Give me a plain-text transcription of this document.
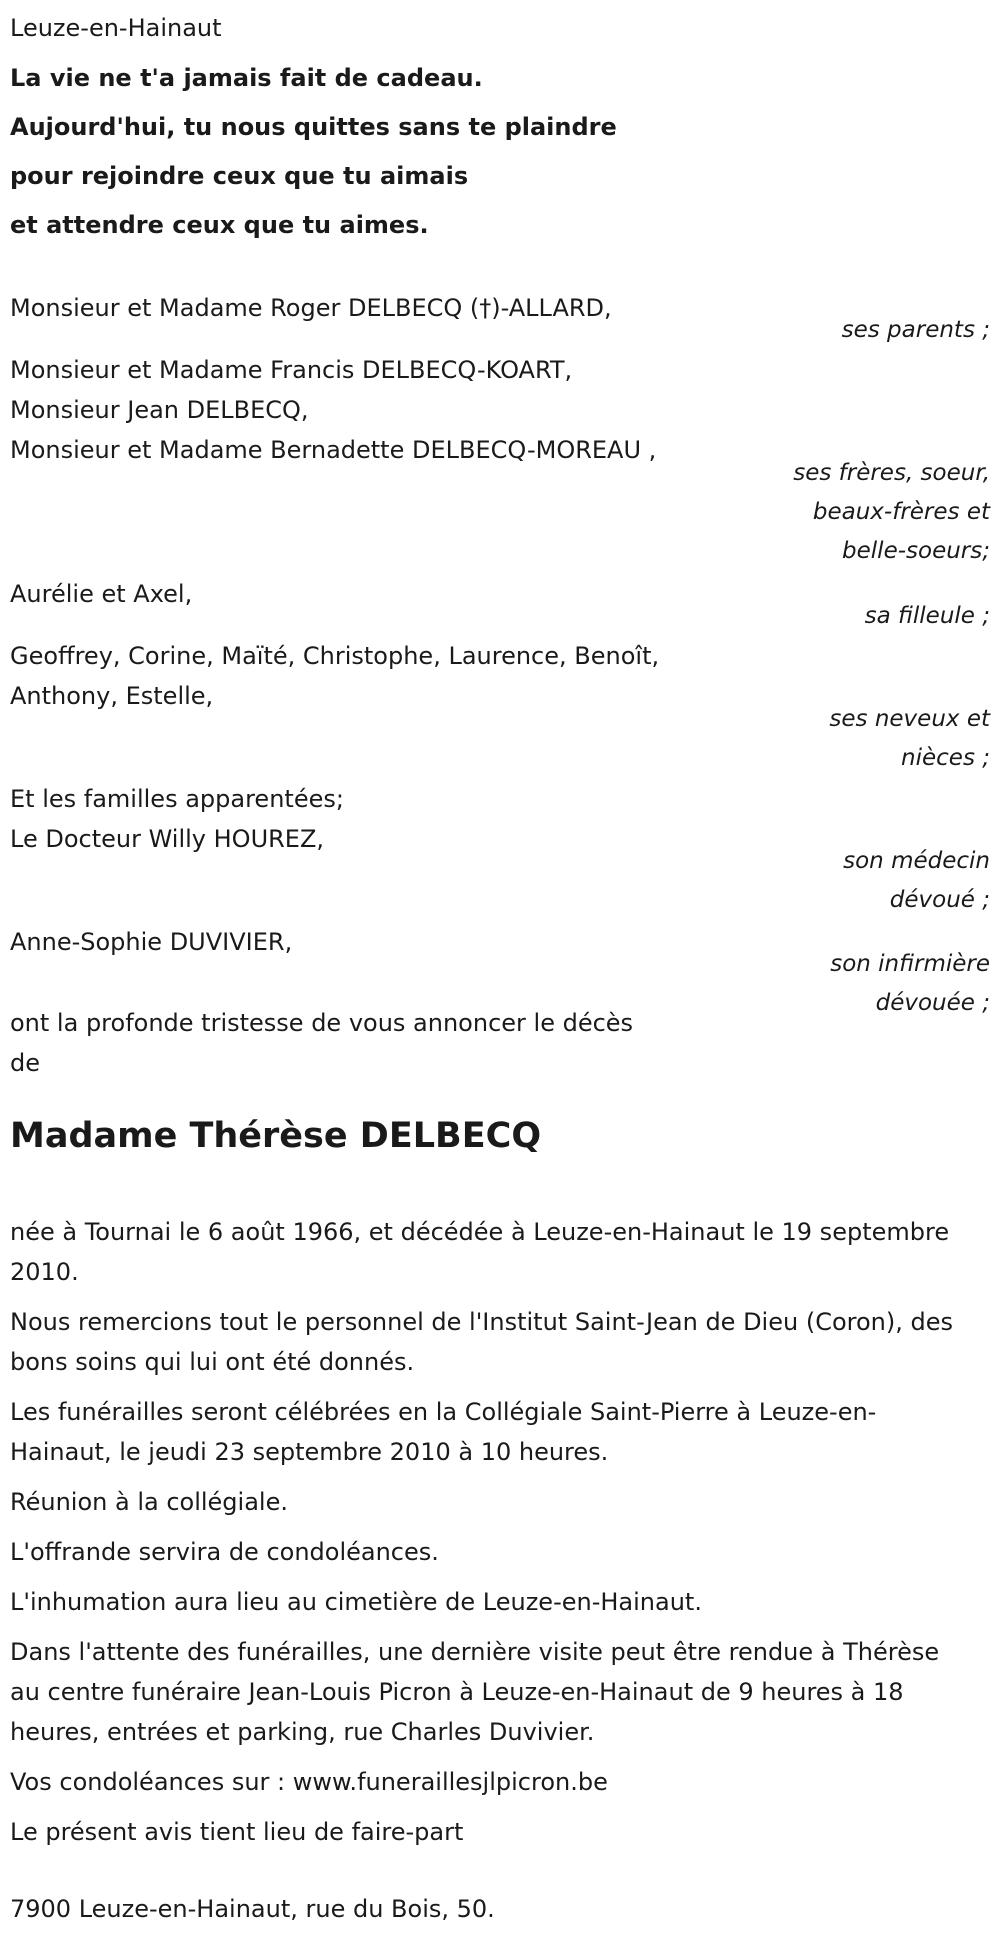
Leuze-en-Hainaut
La vie ne t'a jamais fait de cadeau.
Aujourd'hui, tu nous quittes sans te plaindre
pour rejoindre ceux que tu aimais
et attendre ceux que tu aimes.
Monsieur et Madame Roger DELBECQ (†)-ALLARD,
ses parents ;
Monsieur et Madame Francis DELBECQ-KOART,
Monsieur Jean DELBECQ,
Monsieur et Madame Bernadette DELBECQ-MOREAU ,
ses frères, soeur,
beaux-frères et
belle-soeurs;
Aurélie et Axel,
sa filleule ;
Geoffrey, Corine, Maïté, Christophe, Laurence, Benoît,
Anthony, Estelle,
ses neveux et
nièces ;
Et les familles apparentées;
Le Docteur Willy HOUREZ,
son médecin
dévoué ;
Anne-Sophie DUVIVIER,
son infirmière
dévouée ;
ont la profonde tristesse de vous annoncer le décès
de
Madame Thérèse DELBECQ
née à Tournai le 6 août 1966, et décédée à Leuze-en-Hainaut le 19 septembre 2010.
Nous remercions tout le personnel de l'Institut Saint-Jean de Dieu (Coron), des bons soins qui lui ont été donnés.
Les funérailles seront célébrées en la Collégiale Saint-Pierre à Leuze-en-Hainaut, le jeudi 23 septembre 2010 à 10 heures.
Réunion à la collégiale.
L'offrande servira de condoléances.
L'inhumation aura lieu au cimetière de Leuze-en-Hainaut.
Dans l'attente des funérailles, une dernière visite peut être rendue à Thérèse au centre funéraire Jean-Louis Picron à Leuze-en-Hainaut de 9 heures à 18 heures, entrées et parking, rue Charles Duvivier.
Vos condoléances sur : www.funeraillesjlpicron.be
Le présent avis tient lieu de faire-part
7900 Leuze-en-Hainaut, rue du Bois, 50.
